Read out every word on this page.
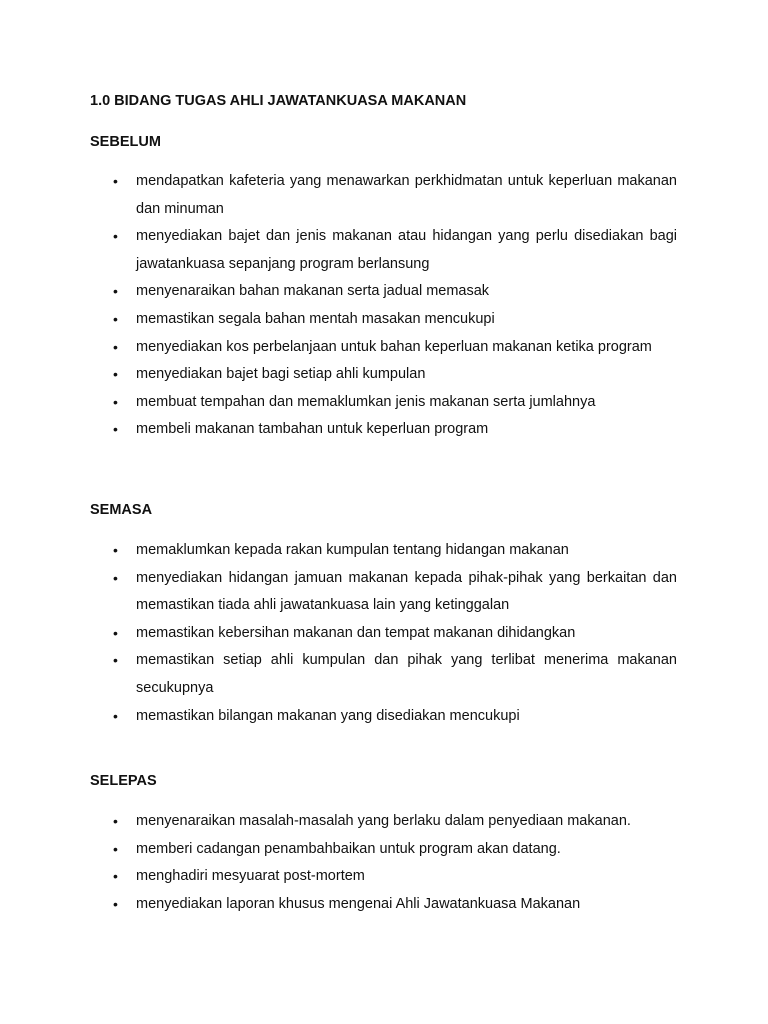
1.0 BIDANG TUGAS AHLI JAWATANKUASA MAKANAN
SEBELUM
• mendapatkan kafeteria yang menawarkan perkhidmatan untuk keperluan makanan dan minuman
• menyediakan bajet dan jenis makanan atau hidangan yang perlu disediakan bagi jawatankuasa sepanjang program berlansung
• menyenaraikan bahan makanan serta jadual memasak
• memastikan segala bahan mentah masakan mencukupi
• menyediakan kos perbelanjaan untuk bahan keperluan makanan ketika program
• menyediakan bajet bagi setiap ahli kumpulan
• membuat tempahan dan memaklumkan jenis makanan serta jumlahnya
• membeli makanan tambahan untuk keperluan program
SEMASA
• memaklumkan kepada rakan kumpulan tentang hidangan makanan
• menyediakan hidangan jamuan makanan kepada pihak-pihak yang berkaitan dan memastikan tiada ahli jawatankuasa lain yang ketinggalan
• memastikan kebersihan makanan dan tempat makanan dihidangkan
• memastikan setiap ahli kumpulan dan pihak yang terlibat menerima makanan secukupnya
• memastikan bilangan makanan yang disediakan mencukupi
SELEPAS
• menyenaraikan masalah-masalah yang berlaku dalam penyediaan makanan.
• memberi cadangan penambahbaikan untuk program akan datang.
• menghadiri mesyuarat post-mortem
• menyediakan laporan khusus mengenai Ahli Jawatankuasa Makanan
